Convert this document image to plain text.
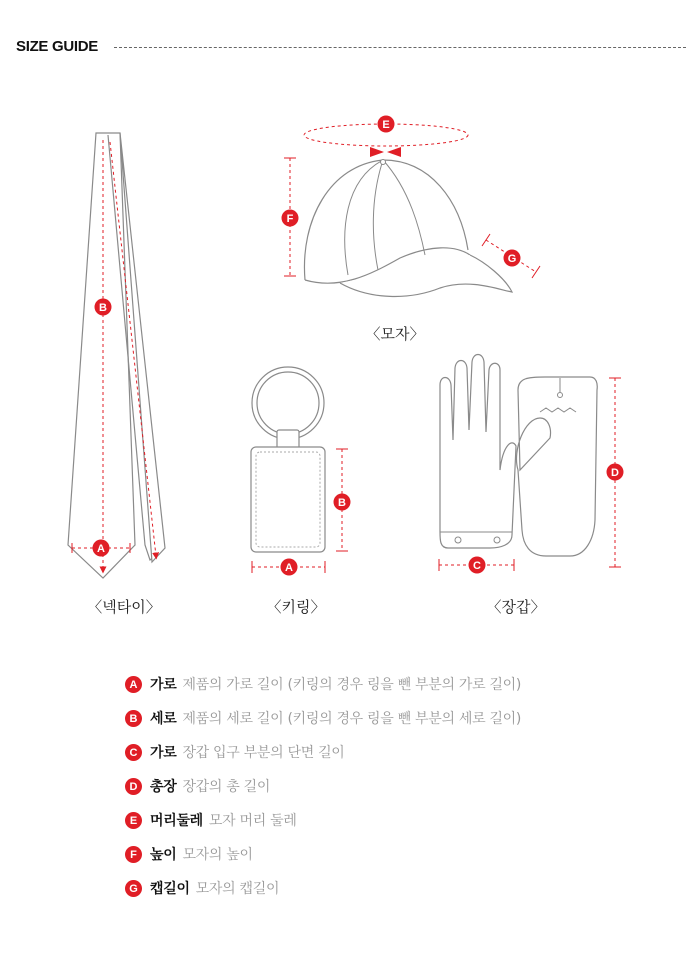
SIZE GUIDE
B
A
E
F
G
B
A	C
D
〈모자〉
〈넥타이〉	〈키링〉	〈장갑〉
A 가로 제품의 가로 길이 (키링의 경우 링을 뺀 부분의 가로 길이)
B 세로 제품의 세로 길이 (키링의 경우 링을 뺀 부분의 세로 길이)
C 가로 장갑 입구 부분의 단면 길이
D 총장 장갑의 총 길이
E 머리둘레 모자 머리 둘레
F 높이 모자의 높이
G 캡길이 모자의 캡길이
